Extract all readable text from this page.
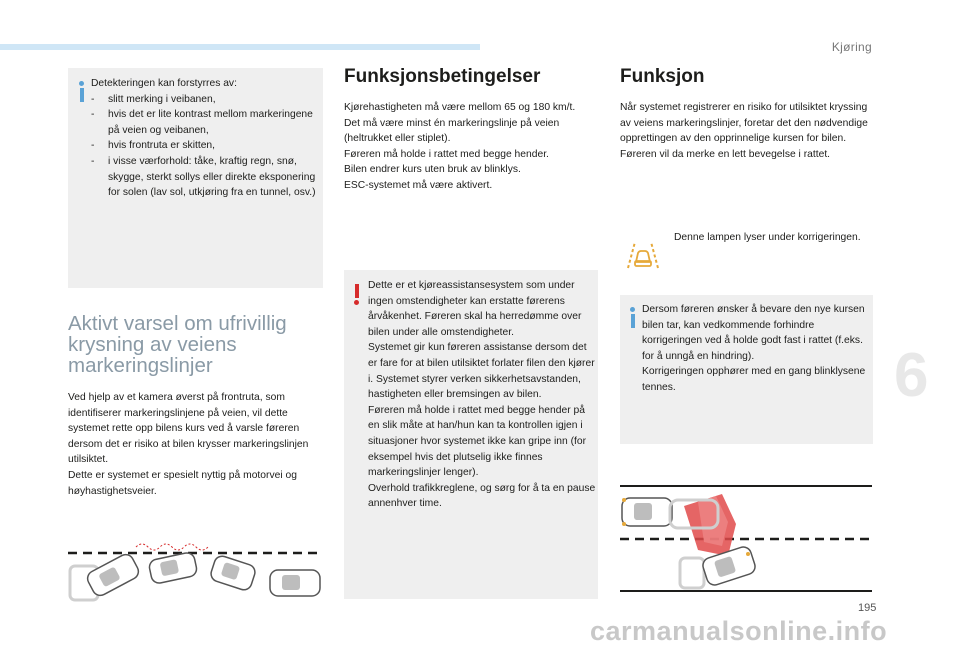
Kjøring
6
Detekteringen kan forstyrres av:
- slitt merking i veibanen,
- hvis det er lite kontrast mellom markeringene på veien og veibanen,
- hvis frontruta er skitten,
- i visse værforhold: tåke, kraftig regn, snø, skygge, sterkt sollys eller direkte eksponering for solen (lav sol, utkjøring fra en tunnel, osv.)
Aktivt varsel om ufrivillig krysning av veiens markeringslinjer

Ved hjelp av et kamera øverst på frontruta, som identifiserer markeringslinjene på veien, vil dette systemet rette opp bilens kurs ved å varsle føreren dersom det er risiko at bilen krysser markeringslinjen utilsiktet.

Dette er systemet er spesielt nyttig på motorvei og høyhastighetsveier.

Funksjonsbetingelser

Kjørehastigheten må være mellom 65 og 180 km/t.

Det må være minst én markeringslinje på veien (heltrukket eller stiplet).

Føreren må holde i rattet med begge hender.

Bilen endrer kurs uten bruk av blinklys.

ESC-systemet må være aktivert.

Dette er et kjøreassistansesystem som under ingen omstendigheter kan erstatte førerens årvåkenhet. Føreren skal ha herredømme over bilen under alle omstendigheter.

Systemet gir kun føreren assistanse dersom det er fare for at bilen utilsiktet forlater filen den kjører i. Systemet styrer verken sikkerhetsavstanden, hastigheten eller bremsingen av bilen.

Føreren må holde i rattet med begge hender på en slik måte at han/hun kan ta kontrollen igjen i situasjoner hvor systemet ikke kan gripe inn (for eksempel hvis det plutselig ikke finnes markeringslinjer lenger).

Overhold trafikkreglene, og sørg for å ta en pause annenhver time.

Funksjon

Når systemet registrerer en risiko for utilsiktet kryssing av veiens markeringslinjer, foretar det den nødvendige opprettingen av den opprinnelige kursen for bilen.

Føreren vil da merke en lett bevegelse i rattet.

Denne lampen lyser under korrigeringen.

Dersom føreren ønsker å bevare den nye kursen bilen tar, kan vedkommende forhindre korrigeringen ved å holde godt fast i rattet (f.eks. for å unngå en hindring).

Korrigeringen opphører med en gang blinklysene tennes.

195
carmanualsonline.info
